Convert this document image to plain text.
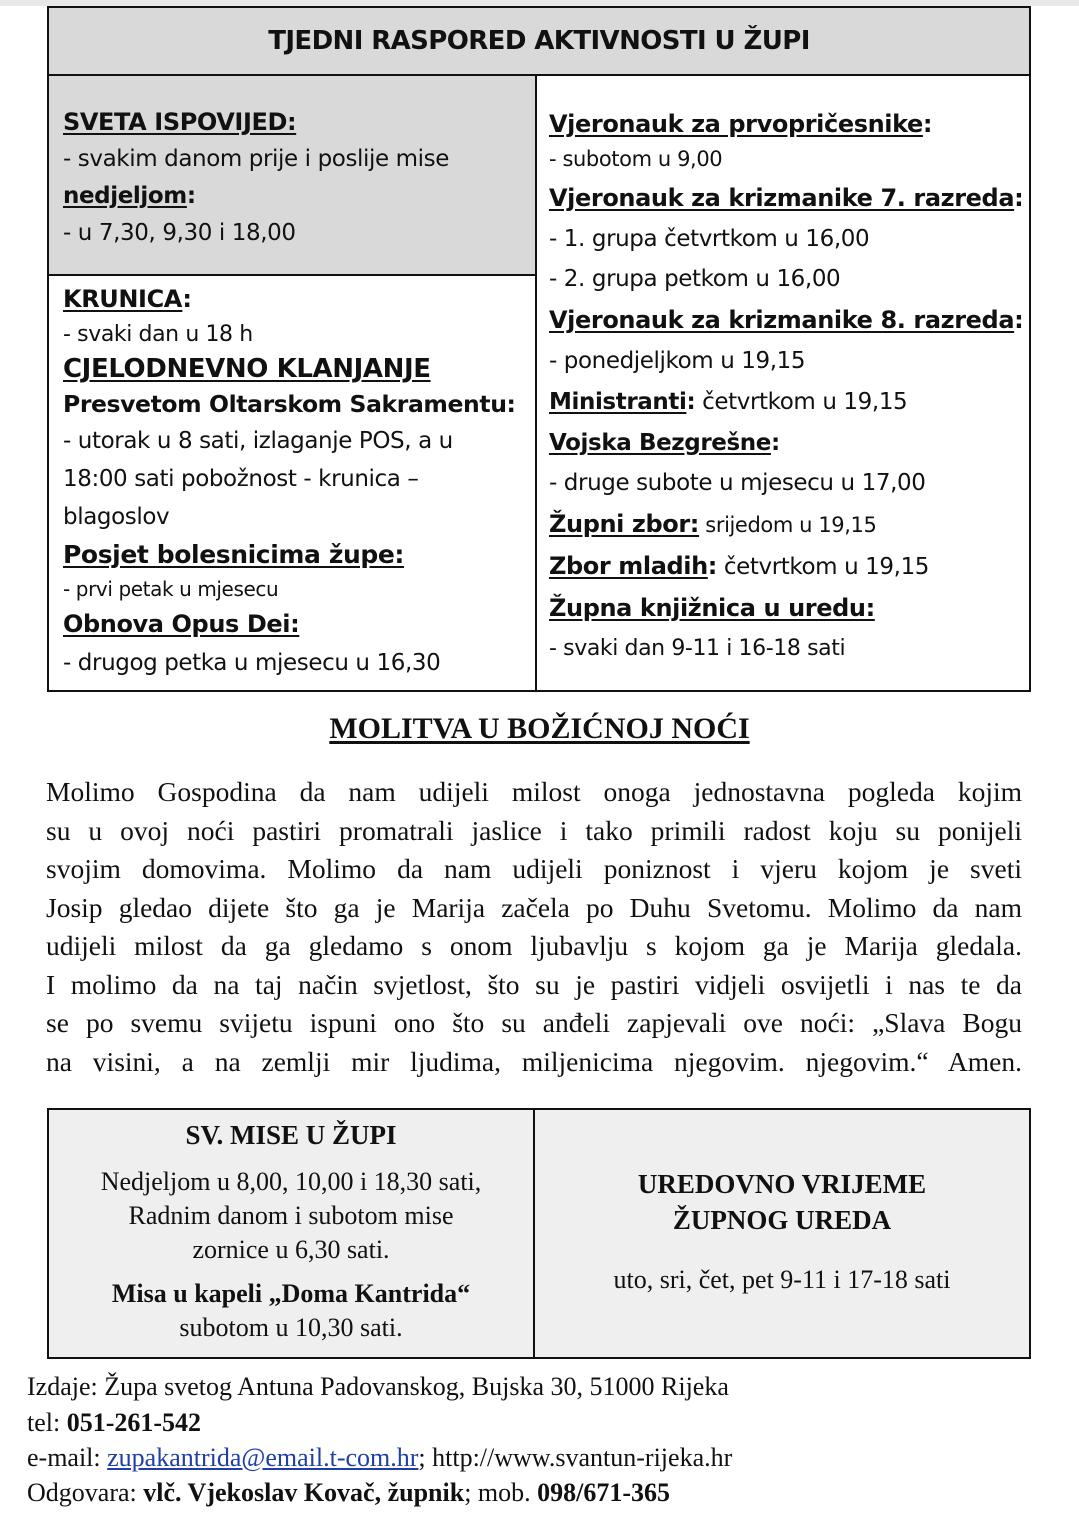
TJEDNI RASPORED AKTIVNOSTI U ŽUPI
SVETA ISPOVIJED:
- svakim danom prije i poslije mise
nedjeljom:
- u 7,30, 9,30 i 18,00
KRUNICA:
- svaki dan u 18 h
CJELODNEVNO KLANJANJE
Presvetom Oltarskom Sakramentu:
- utorak u 8 sati, izlaganje POS, a u
18:00 sati pobožnost - krunica –
blagoslov
Posjet bolesnicima župe:
- prvi petak u mjesecu
Obnova Opus Dei:
- drugog petka u mjesecu u 16,30
Vjeronauk za prvopričesnike:
- subotom u 9,00
Vjeronauk za krizmanike 7. razreda:
- 1. grupa četvrtkom u 16,00
- 2. grupa petkom u 16,00
Vjeronauk za krizmanike 8. razreda:
- ponedjeljkom u 19,15
Ministranti: četvrtkom u 19,15
Vojska Bezgrešne:
- druge subote u mjesecu u 17,00
Župni zbor: srijedom u 19,15
Zbor mladih: četvrtkom u 19,15
Župna knjižnica u uredu:
- svaki dan 9-11 i 16-18 sati
MOLITVA U BOŽIĆNOJ NOĆI
Molimo Gospodina da nam udijeli milost onoga jednostavna pogleda kojim
su u ovoj noći pastiri promatrali jaslice i tako primili radost koju su ponijeli
svojim domovima. Molimo da nam udijeli poniznost i vjeru kojom je sveti
Josip gledao dijete što ga je Marija začela po Duhu Svetomu. Molimo da nam
udijeli milost da ga gledamo s onom ljubavlju s kojom ga je Marija gledala.
I molimo da na taj način svjetlost, što su je pastiri vidjeli osvijetli i nas te da
se po svemu svijetu ispuni ono što su anđeli zapjevali ove noći: „Slava Bogu
na visini, a na zemlji mir ljudima, miljenicima njegovim. njegovim.“ Amen.
SV. MISE U ŽUPI
Nedjeljom u 8,00, 10,00 i 18,30 sati,
Radnim danom i subotom mise
zornice u 6,30 sati.
Misa u kapeli „Doma Kantrida“
subotom u 10,30 sati.
UREDOVNO VRIJEME
ŽUPNOG UREDA
uto, sri, čet, pet 9-11 i 17-18 sati
Izdaje: Župa svetog Antuna Padovanskog, Bujska 30, 51000 Rijeka
tel: 051-261-542
e-mail: zupakantrida@email.t-com.hr; http://www.svantun-rijeka.hr
Odgovara: vlč. Vjekoslav Kovač, župnik; mob. 098/671-365
